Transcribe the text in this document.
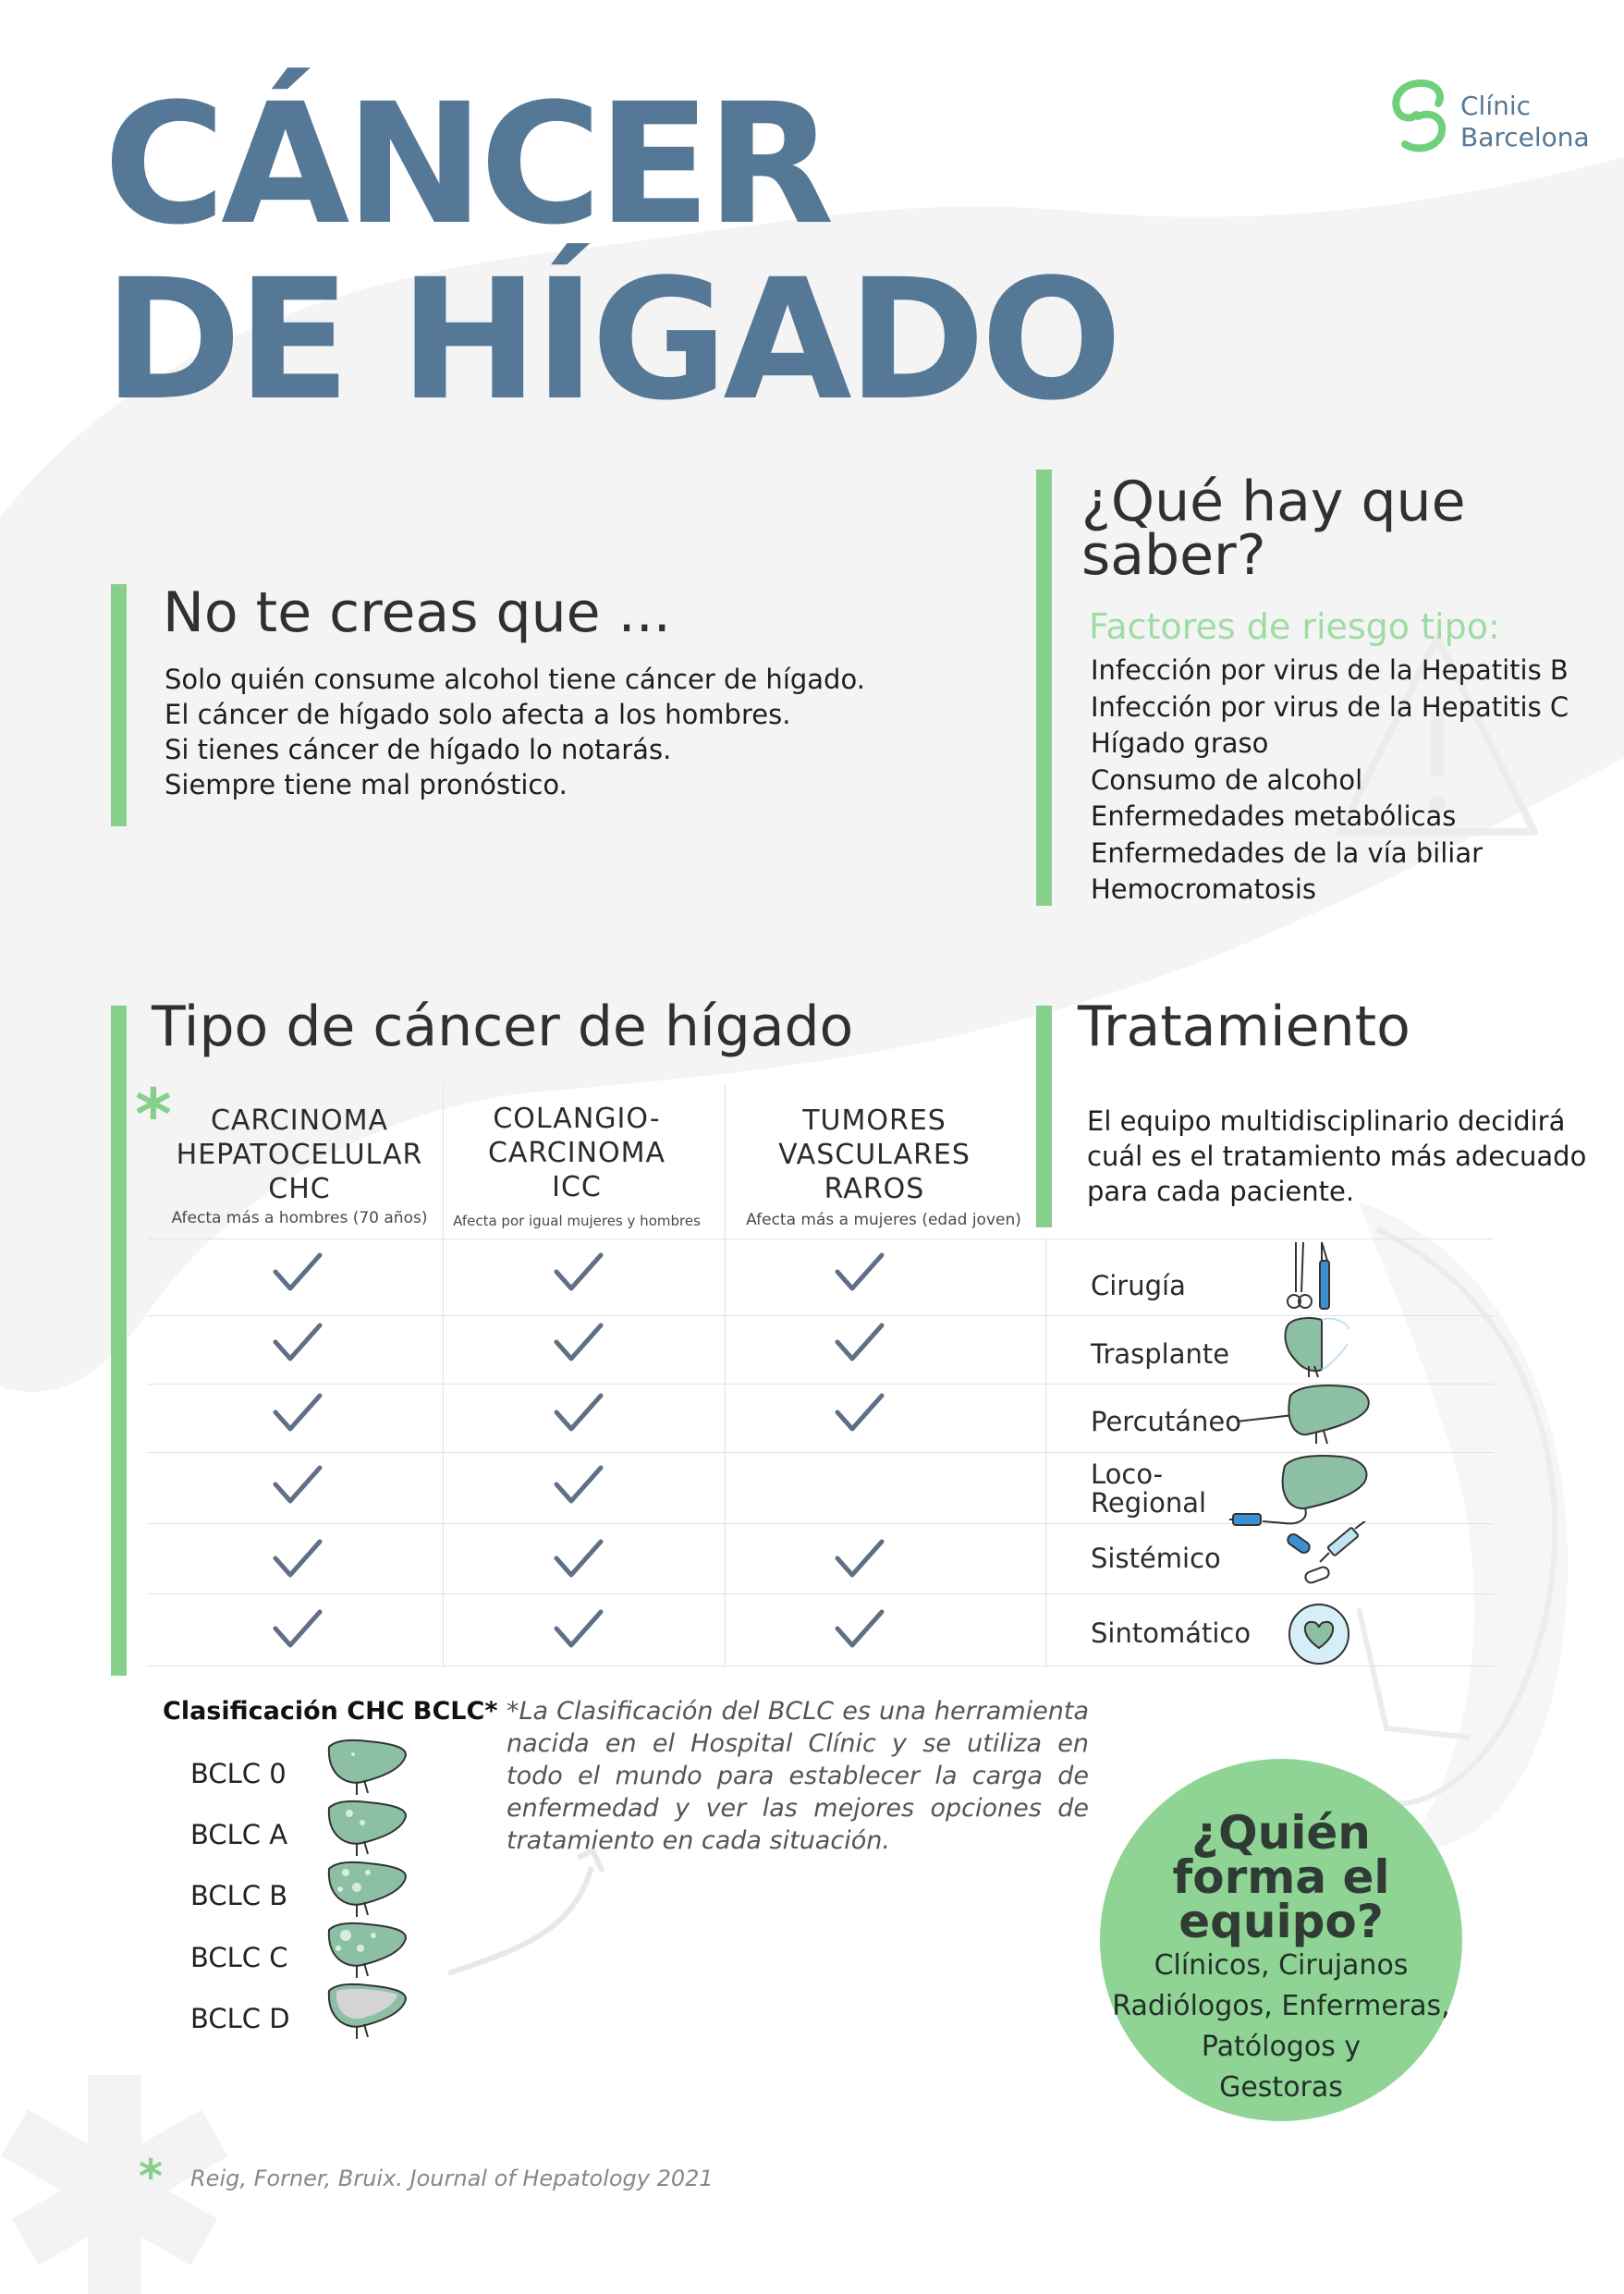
CÁNCER
DE HÍGADO
Clínic
Barcelona
No te creas que ...
Solo quién consume alcohol tiene cáncer de hígado.
El cáncer de hígado solo afecta a los hombres.
Si tienes cáncer de hígado lo notarás.
Siempre tiene mal pronóstico.
¿Qué hay que
saber?
Factores de riesgo tipo:
Infección por virus de la Hepatitis B
Infección por virus de la Hepatitis C
Hígado graso
Consumo de alcohol
Enfermedades metabólicas
Enfermedades de la vía biliar
Hemocromatosis
Tipo de cáncer de hígado
*	CARCINOMA
HEPATOCELULAR
CHC
Afecta más a hombres (70 años)
COLANGIO-
CARCINOMA
ICC
Afecta por igual mujeres y hombres
TUMORES
VASCULARES
RAROS
Afecta más a mujeres (edad joven)
Tratamiento
El equipo multidisciplinario decidirá
cuál es el tratamiento más adecuado
para cada paciente.
Cirugía
Trasplante
Percutáneo
Loco-
Regional
Sistémico
Sintomático
Clasificación CHC BCLC*
BCLC 0
BCLC A
BCLC B
BCLC C
BCLC D
*La Clasificación del BCLC es una herramienta nacida en el Hospital Clínic y se utiliza en todo el mundo para establecer la carga de enfermedad y ver las mejores opciones de tratamiento en cada situación.	¿Quién
forma el
equipo?
Clínicos, Cirujanos
Radiólogos, Enfermeras,
Patólogos y
Gestoras
* Reig, Forner, Bruix. Journal of Hepatology 2021
